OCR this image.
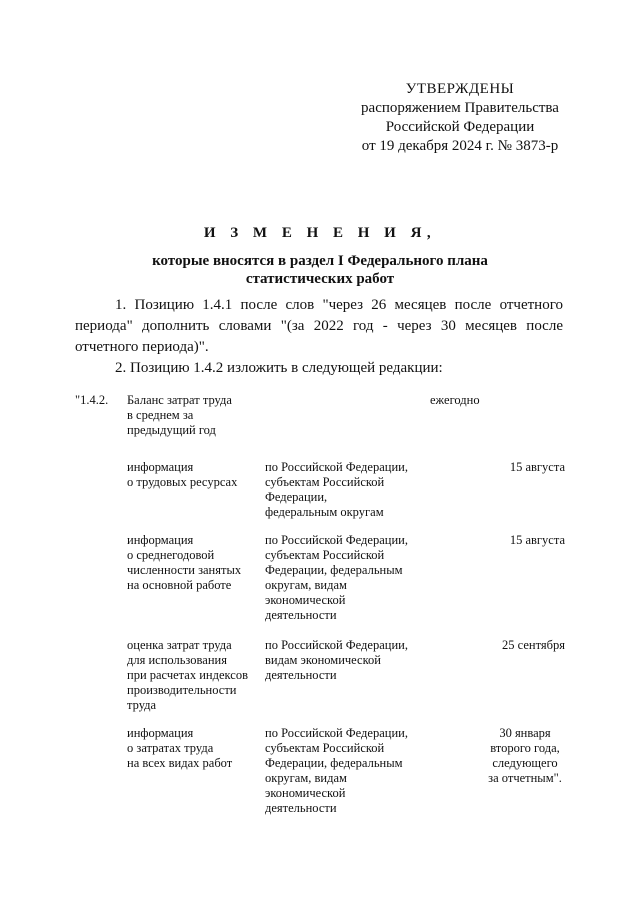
УТВЕРЖДЕНЫ
распоряжением Правительства
Российской Федерации
от 19 декабря 2024 г. № 3873-р
И З М Е Н Е Н И Я,
которые вносятся в раздел I Федерального плана
статистических работ

1. Позицию 1.4.1 после слов "через 26 месяцев после отчетного периода" дополнить словами "(за 2022 год - через 30 месяцев после отчетного периода)".

2. Позицию 1.4.2 изложить в следующей редакции:

"1.4.2.	Баланс затрат труда
в среднем за
предыдущий год
ежегодно
информация
о трудовых ресурсах
по Российской Федерации,
субъектам Российской
Федерации,
федеральным округам
15 августа
информация
о среднегодовой
численности занятых
на основной работе
по Российской Федерации,
субъектам Российской
Федерации, федеральным
округам, видам
экономической
деятельности
15 августа
оценка затрат труда
для использования
при расчетах индексов
производительности
труда
по Российской Федерации,
видам экономической
деятельности
25 сентября
информация
о затратах труда
на всех видах работ
по Российской Федерации,
субъектам Российской
Федерации, федеральным
округам, видам
экономической
деятельности
30 января
второго года,
следующего
за отчетным".
